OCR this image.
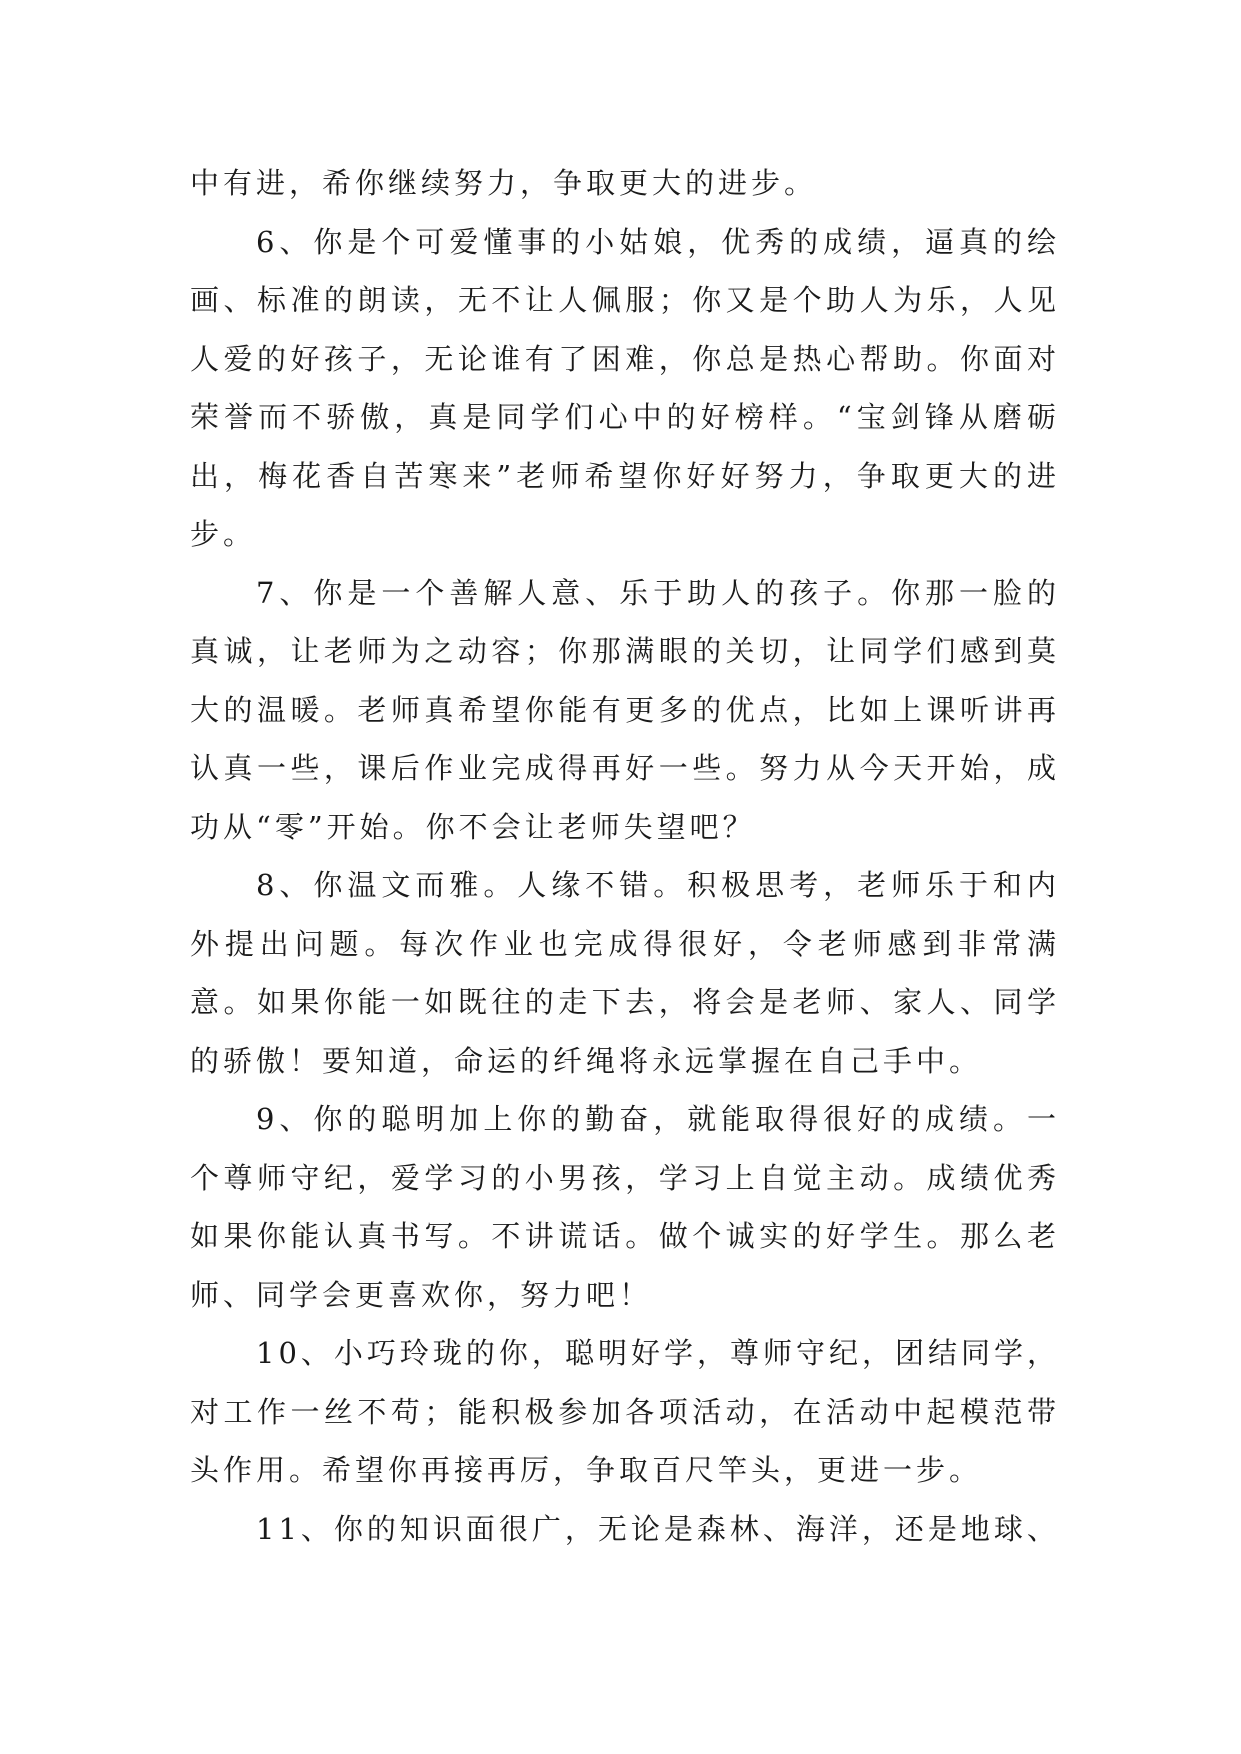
中有进，希你继续努力，争取更大的进步。

6、你是个可爱懂事的小姑娘，优秀的成绩，逼真的绘画、标准的朗读，无不让人佩服；你又是个助人为乐，人见人爱的好孩子，无论谁有了困难，你总是热心帮助。你面对荣誉而不骄傲，真是同学们心中的好榜样。“宝剑锋从磨砺出，梅花香自苦寒来”老师希望你好好努力，争取更大的进步。

7、你是一个善解人意、乐于助人的孩子。你那一脸的真诚，让老师为之动容；你那满眼的关切，让同学们感到莫大的温暖。老师真希望你能有更多的优点，比如上课听讲再认真一些，课后作业完成得再好一些。努力从今天开始，成功从“零”开始。你不会让老师失望吧？

8、你温文而雅。人缘不错。积极思考，老师乐于和内外提出问题。每次作业也完成得很好，令老师感到非常满意。如果你能一如既往的走下去，将会是老师、家人、同学的骄傲！要知道，命运的纤绳将永远掌握在自己手中。

9、你的聪明加上你的勤奋，就能取得很好的成绩。一个尊师守纪，爱学习的小男孩，学习上自觉主动。成绩优秀如果你能认真书写。不讲谎话。做个诚实的好学生。那么老师、同学会更喜欢你，努力吧！

10、小巧玲珑的你，聪明好学，尊师守纪，团结同学，对工作一丝不苟；能积极参加各项活动，在活动中起模范带头作用。希望你再接再厉，争取百尺竿头，更进一步。

11、你的知识面很广，无论是森林、海洋，还是地球、
